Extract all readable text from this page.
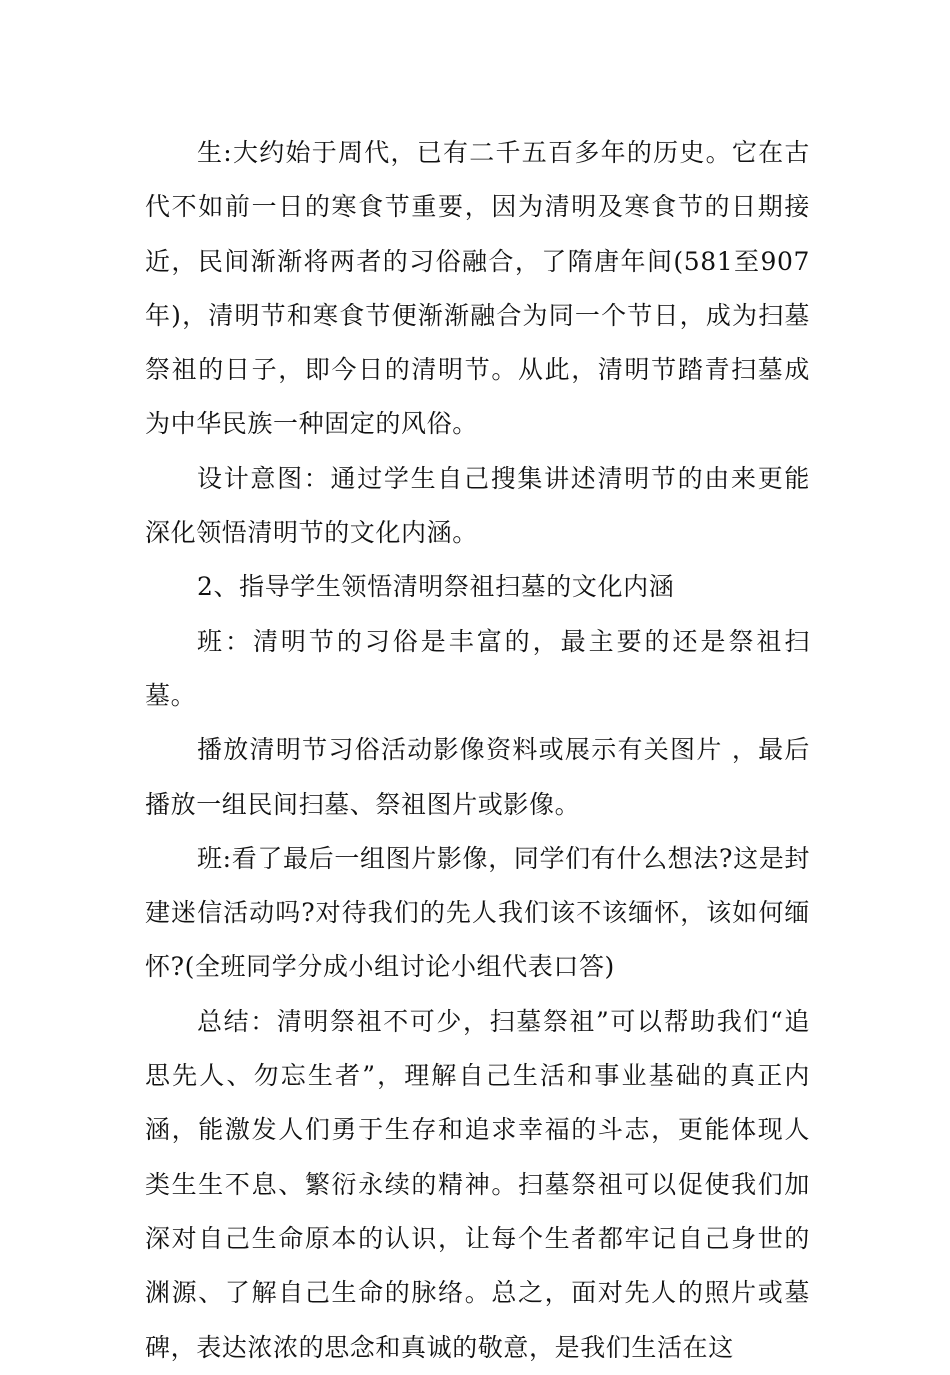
生:大约始于周代，已有二千五百多年的历史。它在古代不如前一日的寒食节重要，因为清明及寒食节的日期接近，民间渐渐将两者的习俗融合，了隋唐年间(581至907年)，清明节和寒食节便渐渐融合为同一个节日，成为扫墓祭祖的日子，即今日的清明节。从此，清明节踏青扫墓成为中华民族一种固定的风俗。

设计意图：通过学生自己搜集讲述清明节的由来更能深化领悟清明节的文化内涵。

2、指导学生领悟清明祭祖扫墓的文化内涵

班：清明节的习俗是丰富的，最主要的还是祭祖扫墓。

播放清明节习俗活动影像资料或展示有关图片 ，最后播放一组民间扫墓、祭祖图片或影像。

班:看了最后一组图片影像，同学们有什么想法?这是封建迷信活动吗?对待我们的先人我们该不该缅怀，该如何缅怀?(全班同学分成小组讨论小组代表口答)

总结：清明祭祖不可少，扫墓祭祖”可以帮助我们“追思先人、勿忘生者”，理解自己生活和事业基础的真正内涵，能激发人们勇于生存和追求幸福的斗志，更能体现人类生生不息、繁衍永续的精神。扫墓祭祖可以促使我们加深对自己生命原本的认识，让每个生者都牢记自己身世的渊源、了解自己生命的脉络。总之，面对先人的照片或墓碑，表达浓浓的思念和真诚的敬意，是我们生活在这
